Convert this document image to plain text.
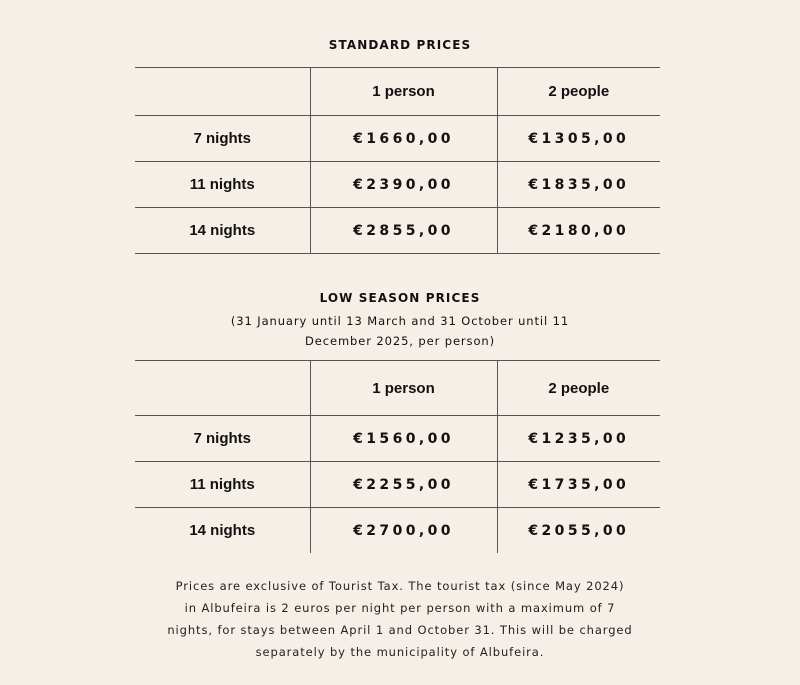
STANDARD PRICES
	1 person	2 people
7 nights	€1660,00	€1305,00
11 nights	€2390,00	€1835,00
14 nights	€2855,00	€2180,00
LOW SEASON PRICES
(31 January until 13 March and 31 October until 11
December 2025, per person)
	1 person	2 people
7 nights	€1560,00	€1235,00
11 nights	€2255,00	€1735,00
14 nights	€2700,00	€2055,00
Prices are exclusive of Tourist Tax. The tourist tax (since May 2024)
in Albufeira is 2 euros per night per person with a maximum of 7
nights, for stays between April 1 and October 31. This will be charged
separately by the municipality of Albufeira.
